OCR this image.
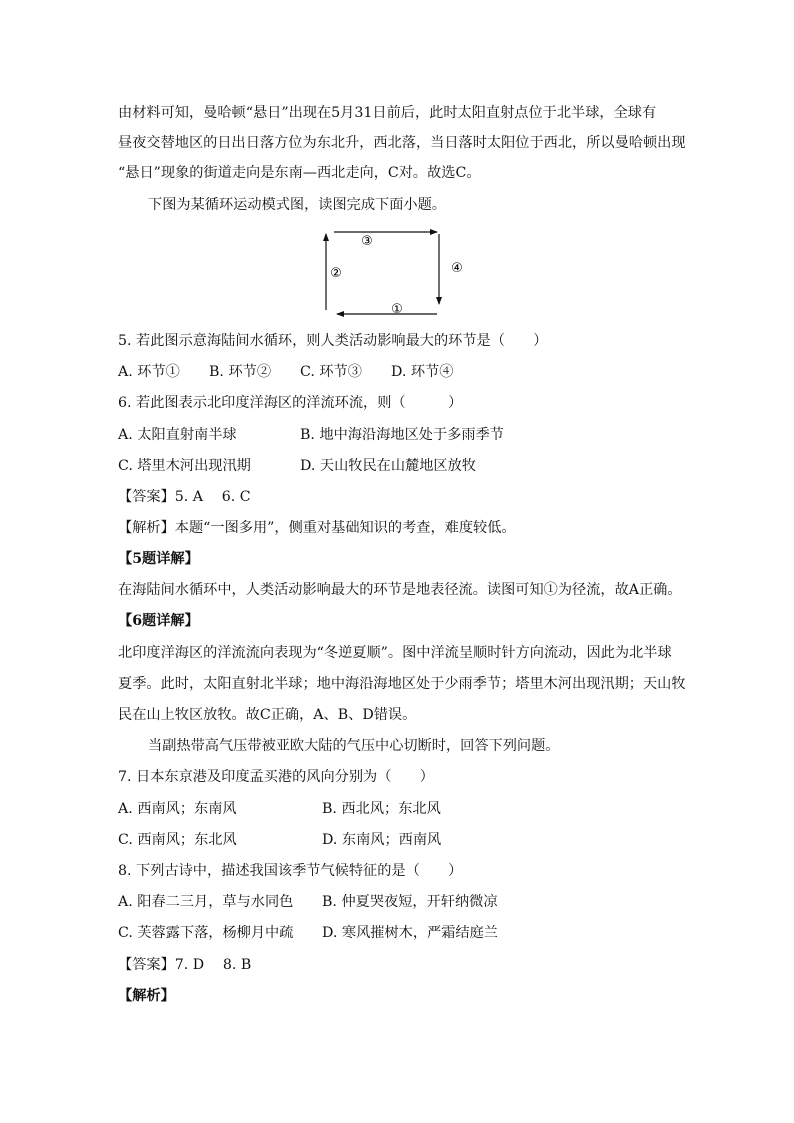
由材料可知，曼哈顿“悬日”出现在5月31日前后，此时太阳直射点位于北半球，全球有
昼夜交替地区的日出日落方位为东北升，西北落，当日落时太阳位于西北，所以曼哈顿出现
“悬日”现象的街道走向是东南—西北走向，C对。故选C。
下图为某循环运动模式图，读图完成下面小题。
③
②	④
①
5. 若此图示意海陆间水循环，则人类活动影响最大的环节是（　　）
A. 环节① B. 环节② C. 环节③ D. 环节④
6. 若此图表示北印度洋海区的洋流环流，则（　　　）
A. 太阳直射南半球	B. 地中海沿海地区处于多雨季节
C. 塔里木河出现汛期	D. 天山牧民在山麓地区放牧
【答案】5. A　 6. C
【解析】本题“一图多用”，侧重对基础知识的考查，难度较低。
【5题详解】
在海陆间水循环中，人类活动影响最大的环节是地表径流。读图可知①为径流，故A正确。
【6题详解】
北印度洋海区的洋流流向表现为“冬逆夏顺”。图中洋流呈顺时针方向流动，因此为北半球
夏季。此时，太阳直射北半球；地中海沿海地区处于少雨季节；塔里木河出现汛期；天山牧
民在山上牧区放牧。故C正确，A、B、D错误。
当副热带高气压带被亚欧大陆的气压中心切断时，回答下列问题。
7. 日本东京港及印度孟买港的风向分别为（　　）
A. 西南风；东南风	B. 西北风；东北风
C. 西南风；东北风	D. 东南风；西南风
8. 下列古诗中，描述我国该季节气候特征的是（　　）
A. 阳春二三月，草与水同色 B. 仲夏哭夜短，开轩纳微凉
C. 芙蓉露下落，杨柳月中疏 D. 寒风摧树木，严霜结庭兰
【答案】7. D　 8. B
【解析】
